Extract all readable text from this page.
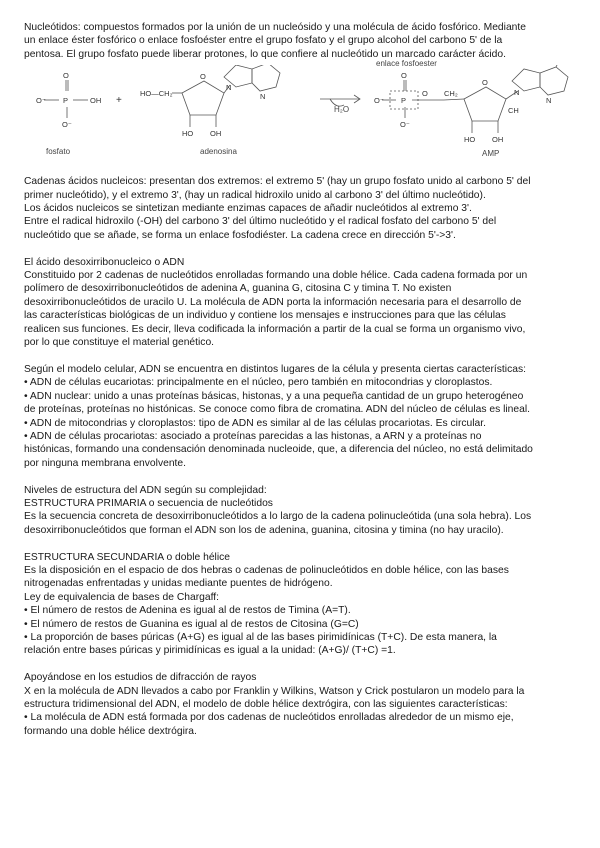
Nucleótidos: compuestos formados por la unión de un nucleósido y una molécula de ácido fosfórico. Mediante

un enlace éster fosfórico o enlace fosfoéster entre el grupo fosfato y el grupo alcohol del carbono 5' de la

pentosa. El grupo fosfato puede liberar protones, lo que confiere al nucleótido un marcado carácter ácido.

O
O⁻ P	OH
O⁻
+
HO—CH₂
O
HO OH
N
N
O
O⁻ P
O
O⁻
CH₂
O
CH
HO OH
N
N
H₂O
enlace fosfoester
fosfato	adenosina	AMP

Cadenas ácidos nucleicos: presentan dos extremos: el extremo 5' (hay un grupo fosfato unido al carbono 5' del

primer nucleótido), y el extremo 3', (hay un radical hidroxilo unido al carbono 3' del último nucleótido).

Los ácidos nucleicos se sintetizan mediante enzimas capaces de añadir nucleótidos al extremo 3'.

Entre el radical hidroxilo (-OH) del carbono 3' del último nucleótido y el radical fosfato del carbono 5' del

nucleótido que se añade, se forma un enlace fosfodiéster. La cadena crece en dirección 5'->3'.

El ácido desoxirribonucleico o ADN

Constituido por 2 cadenas de nucleótidos enrolladas formando una doble hélice. Cada cadena formada por un

polímero de desoxirribonucleótidos de adenina A, guanina G, citosina C y timina T. No existen

desoxirribonucleótidos de uracilo U. La molécula de ADN porta la información necesaria para el desarrollo de

las características biológicas de un individuo y contiene los mensajes e instrucciones para que las células

realicen sus funciones. Es decir, lleva codificada la información a partir de la cual se forma un organismo vivo,

por lo que constituye el material genético.

Según el modelo celular, ADN se encuentra en distintos lugares de la célula y presenta ciertas características:

• ADN de células eucariotas: principalmente en el núcleo, pero también en mitocondrias y cloroplastos.

• ADN nuclear: unido a unas proteínas básicas, histonas, y a una pequeña cantidad de un grupo heterogéneo

de proteínas, proteínas no histónicas. Se conoce como fibra de cromatina. ADN del núcleo de células es lineal.

• ADN de mitocondrias y cloroplastos: tipo de ADN es similar al de las células procariotas. Es circular.

• ADN de células procariotas: asociado a proteínas parecidas a las histonas, a ARN y a proteínas no

histónicas, formando una condensación denominada nucleoide, que, a diferencia del núcleo, no está delimitado

por ninguna membrana envolvente.

Niveles de estructura del ADN según su complejidad:

ESTRUCTURA PRIMARIA o secuencia de nucleótidos

Es la secuencia concreta de desoxirribonucleótidos a lo largo de la cadena polinucleótida (una sola hebra). Los

desoxirribonucleótidos que forman el ADN son los de adenina, guanina, citosina y timina (no hay uracilo).

ESTRUCTURA SECUNDARIA o doble hélice

Es la disposición en el espacio de dos hebras o cadenas de polinucleótidos en doble hélice, con las bases

nitrogenadas enfrentadas y unidas mediante puentes de hidrógeno.

Ley de equivalencia de bases de Chargaff:

• El número de restos de Adenina es igual al de restos de Timina (A=T).

• El número de restos de Guanina es igual al de restos de Citosina (G=C)

• La proporción de bases púricas (A+G) es igual al de las bases pirimidínicas (T+C). De esta manera, la

relación entre bases púricas y pirimidínicas es igual a la unidad: (A+G)/ (T+C) =1.

Apoyándose en los estudios de difracción de rayos

X en la molécula de ADN llevados a cabo por Franklin y Wilkins, Watson y Crick postularon un modelo para la

estructura tridimensional del ADN, el modelo de doble hélice dextrógira, con las siguientes características:

• La molécula de ADN está formada por dos cadenas de nucleótidos enrolladas alrededor de un mismo eje,

formando una doble hélice dextrógira.
